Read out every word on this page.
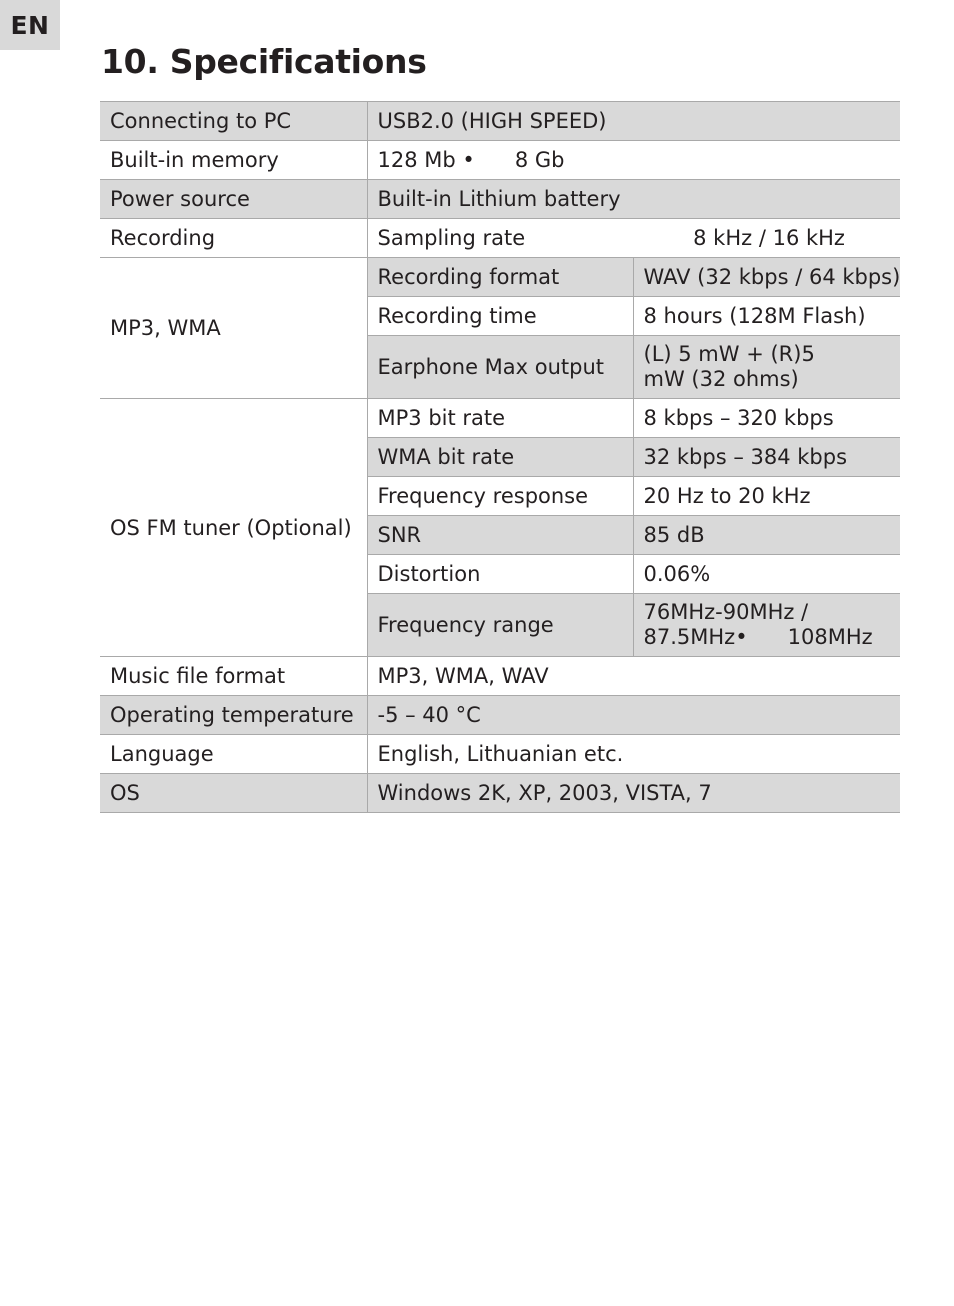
EN
10. Specifications
Connecting to PC	USB2.0 (HIGH SPEED)	
Built-in memory	128 Mb •      8 Gb	
Power source	Built-in Lithium battery	
Recording	Sampling rate 8 kHz / 16 kHz	
MP3, WMA	Recording format	WAV (32 kbps / 64 kbps)
	Recording time	8 hours (128M Flash)
	Earphone Max output	(L) 5 mW + (R)5
mW (32 ohms)

OS FM tuner (Optional)	MP3 bit rate	8 kbps – 320 kbps
	WMA bit rate	32 kbps – 384 kbps
	Frequency response	20 Hz to 20 kHz
	SNR	85 dB
	Distortion	0.06%
	Frequency range	76MHz-90MHz /
87.5MHz•      108MHz

Music file format	MP3, WMA, WAV	
Operating temperature	-5 – 40 °C	
Language	English, Lithuanian etc.	
OS	Windows 2K, XP, 2003, VISTA, 7	
